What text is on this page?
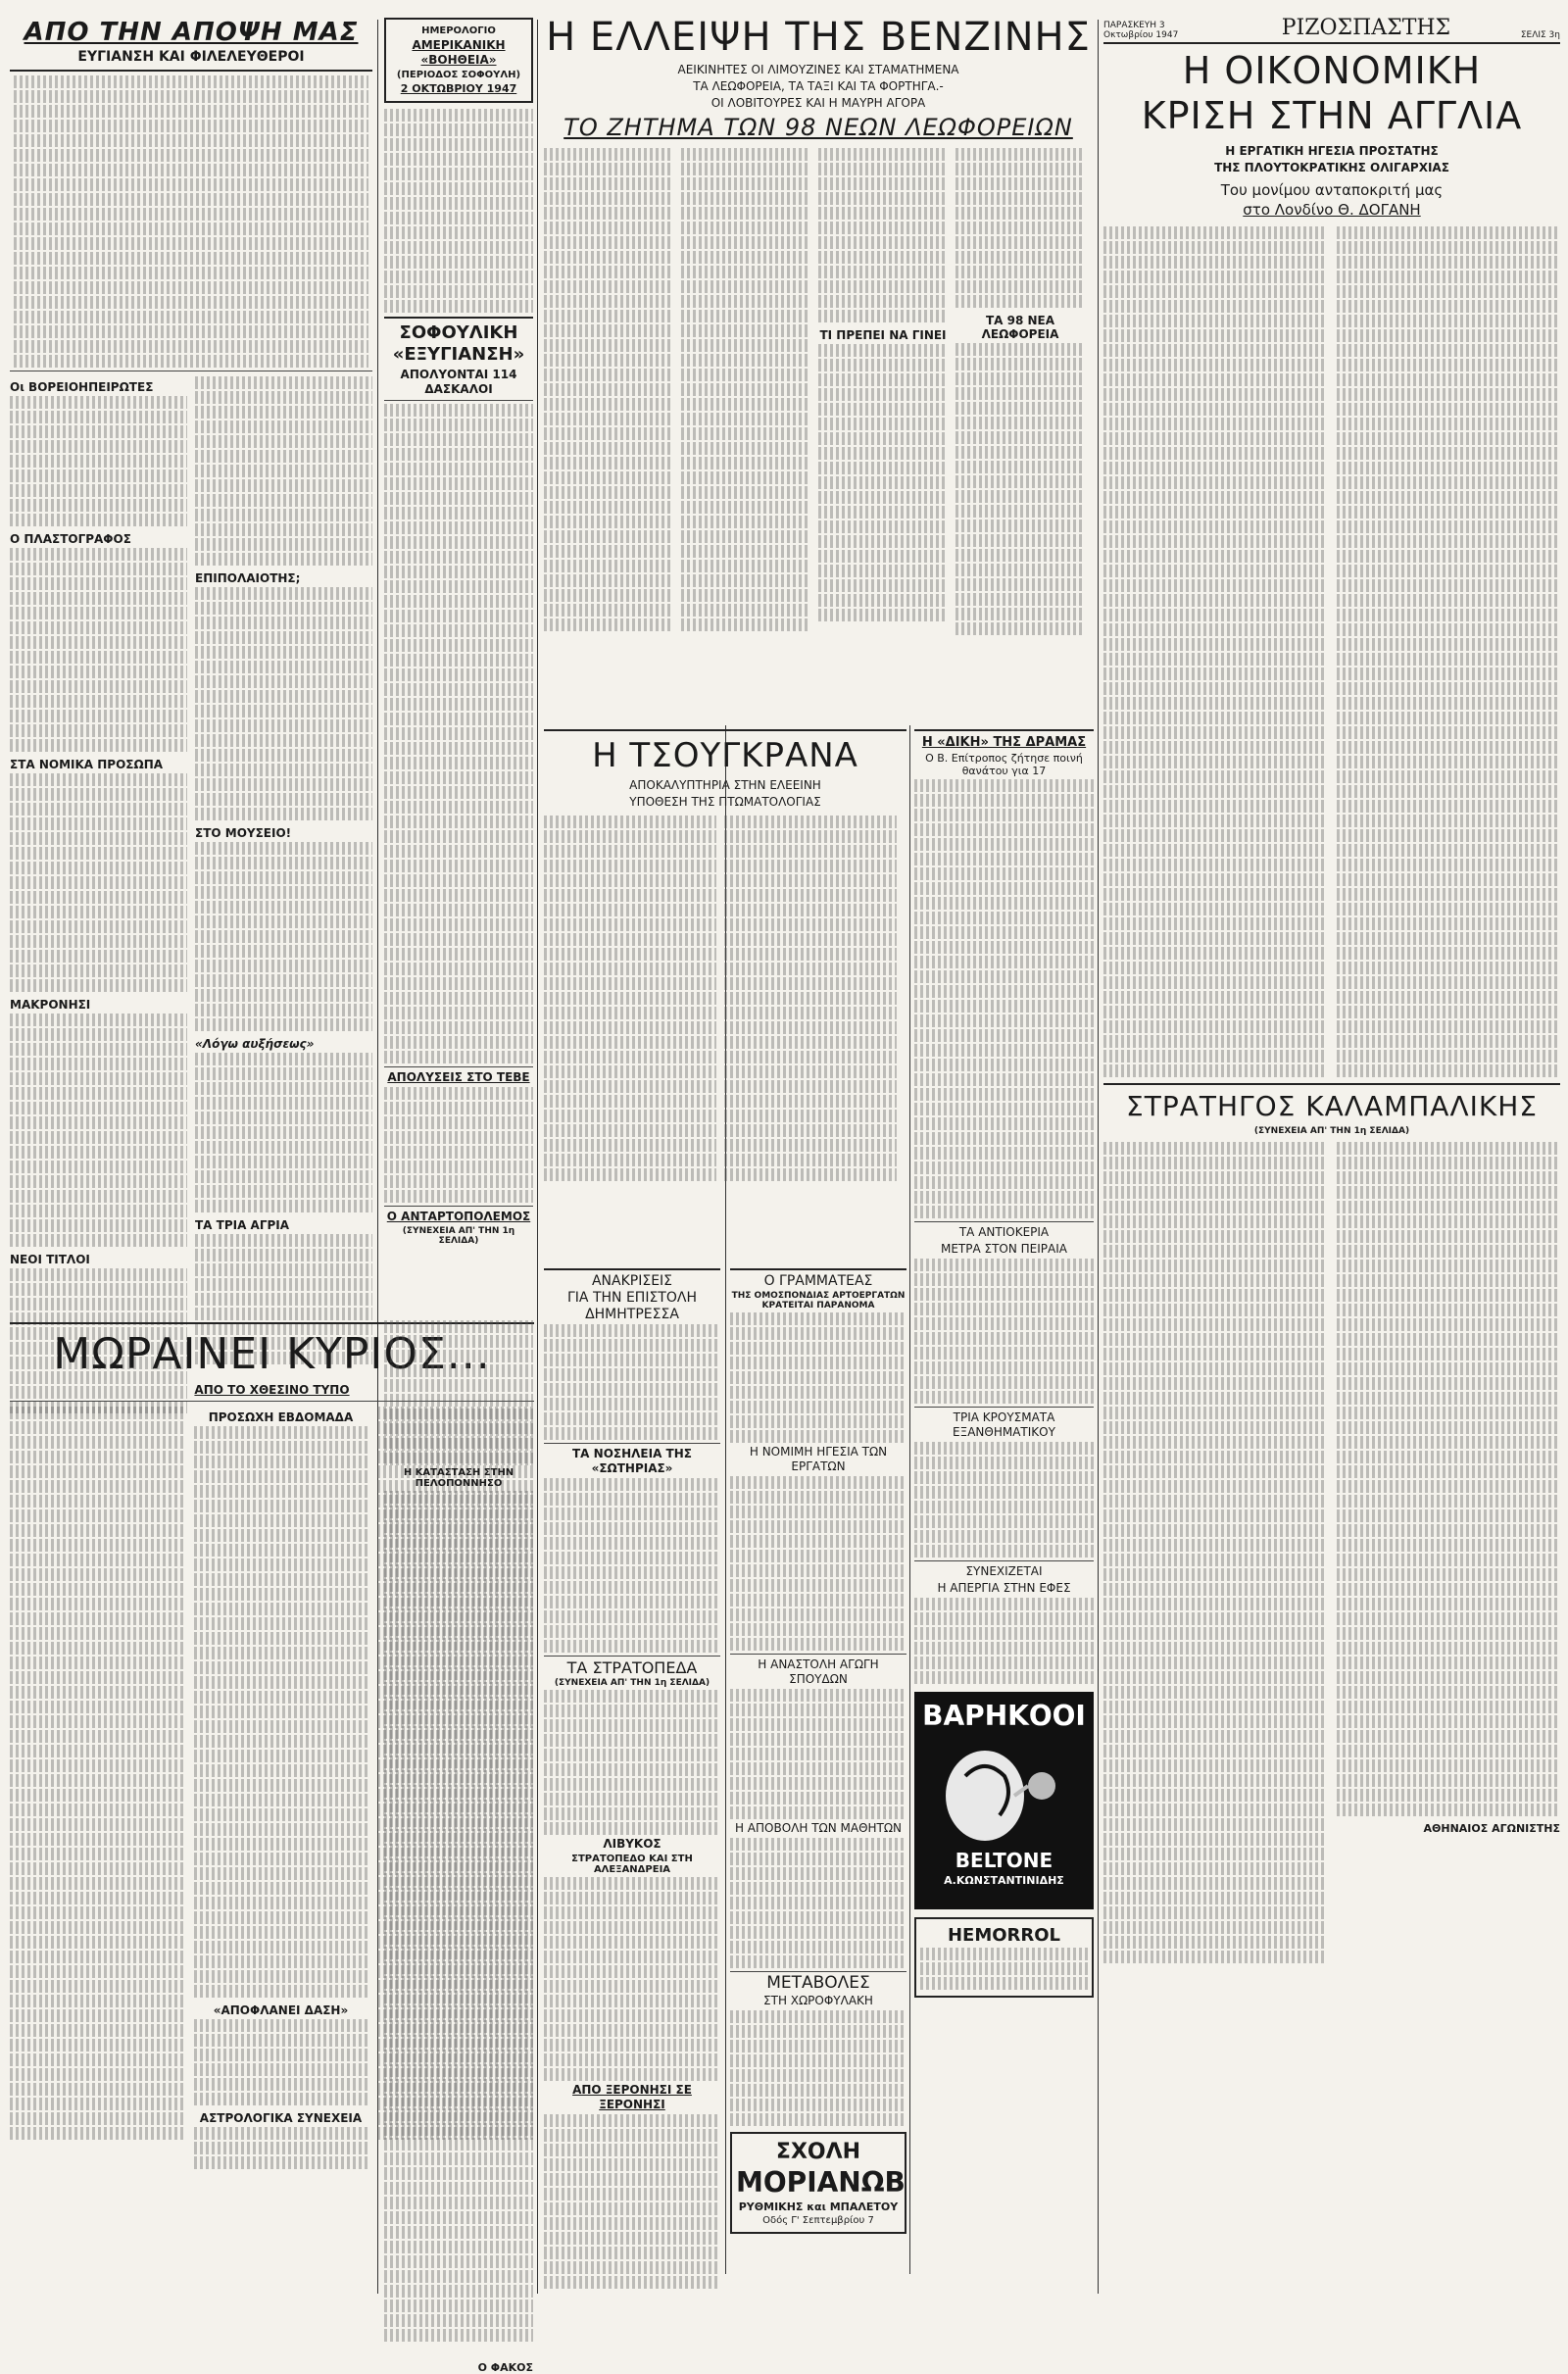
ΑΠΟ ΤΗΝ ΑΠΟΨΗ ΜΑΣ
ΕΥΓΙΑΝΣΗ ΚΑΙ ΦΙΛΕΛΕΥΘΕΡΟΙ
Οι ΒΟΡΕΙΟΗΠΕΙΡΩΤΕΣ
Ο ΠΛΑΣΤΟΓΡΑΦΟΣ
ΣΤΑ ΝΟΜΙΚΑ ΠΡΟΣΩΠΑ
ΜΑΚΡΟΝΗΣΙ
ΝΕΟΙ ΤΙΤΛΟΙ
ΕΠΙΠΟΛΑΙΟΤΗΣ;
ΣΤΟ ΜΟΥΣΕΙΟ!
«Λόγω αυξήσεως»
ΤΑ ΤΡΙΑ ΑΓΡΙΑ
ΜΩΡΑΙΝΕΙ ΚΥΡΙΟΣ...
ΑΠΟ ΤΟ ΧΘΕΣΙΝΟ ΤΥΠΟ
ΠΡΟΣΩΧΗ ΕΒΔΟΜΑΔΑ
«ΑΠΟΦΛΑΝΕΙ ΔΑΣΗ»
ΑΣΤΡΟΛΟΓΙΚΑ ΣΥΝΕΧΕΙΑ
ΗΜΕΡΟΛΟΓΙΟ
ΑΜΕΡΙΚΑΝΙΚΗ «ΒΟΗΘΕΙΑ»
(ΠΕΡΙΟΔΟΣ ΣΟΦΟΥΛΗ)
2 ΟΚΤΩΒΡΙΟΥ 1947
ΣΟΦΟΥΛΙΚΗ «ΕΞΥΓΙΑΝΣΗ»
ΑΠΟΛΥΟΝΤΑΙ 114 ΔΑΣΚΑΛΟΙ
ΑΠΟΛΥΣΕΙΣ ΣΤΟ ΤΕΒΕ
Ο ΑΝΤΑΡΤΟΠΟΛΕΜΟΣ
(ΣΥΝΕΧΕΙΑ ΑΠ' ΤΗΝ 1η ΣΕΛΙΔΑ)
Η ΚΑΤΑΣΤΑΣΗ ΣΤΗΝ ΠΕΛΟΠΟΝΝΗΣΟ
Ο ΦΑΚΟΣ
Η ΕΛΛΕΙΨΗ ΤΗΣ ΒΕΝΖΙΝΗΣ
ΑΕΙΚΙΝΗΤΕΣ ΟΙ ΛΙΜΟΥΖΙΝΕΣ ΚΑΙ ΣΤΑΜΑΤΗΜΕΝΑ
ΤΑ ΛΕΩΦΟΡΕΙΑ, ΤΑ ΤΑΞΙ ΚΑΙ ΤΑ ΦΟΡΤΗΓΑ.-
ΟΙ ΛΟΒΙΤΟΥΡΕΣ ΚΑΙ Η ΜΑΥΡΗ ΑΓΟΡΑ
ΤΟ ΖΗΤΗΜΑ ΤΩΝ 98 ΝΕΩΝ ΛΕΩΦΟΡΕΙΩΝ
ΤΙ ΠΡΕΠΕΙ ΝΑ ΓΙΝΕΙ
ΤΑ 98 ΝΕΑ ΛΕΩΦΟΡΕΙΑ
Η ΤΣΟΥΓΚΡΑΝΑ
ΑΠΟΚΑΛΥΠΤΗΡΙΑ ΣΤΗΝ ΕΛΕΕΙΝΗ
ΥΠΟΘΕΣΗ ΤΗΣ ΠΤΩΜΑΤΟΛΟΓΙΑΣ
ΑΝΑΚΡΙΣΕΙΣ
ΓΙΑ ΤΗΝ ΕΠΙΣΤΟΛΗ
ΔΗΜΗΤΡΕΣΣΑ
ΤΑ ΝΟΣΗΛΕΙΑ ΤΗΣ «ΣΩΤΗΡΙΑΣ»
ΤΑ ΣΤΡΑΤΟΠΕΔΑ
(ΣΥΝΕΧΕΙΑ ΑΠ' ΤΗΝ 1η ΣΕΛΙΔΑ)
ΛΙΒΥΚΟΣ
ΣΤΡΑΤΟΠΕΔΟ ΚΑΙ ΣΤΗ ΑΛΕΞΑΝΔΡΕΙΑ
ΑΠΟ ΞΕΡΟΝΗΣΙ ΣΕ ΞΕΡΟΝΗΣΙ
Ο ΓΡΑΜΜΑΤΕΑΣ
ΤΗΣ ΟΜΟΣΠΟΝΔΙΑΣ ΑΡΤΟΕΡΓΑΤΩΝ ΚΡΑΤΕΙΤΑΙ ΠΑΡΑΝΟΜΑ
Η ΝΟΜΙΜΗ ΗΓΕΣΙΑ ΤΩΝ ΕΡΓΑΤΩΝ
Η ΑΝΑΣΤΟΛΗ ΑΓΩΓΗ ΣΠΟΥΔΩΝ
Η ΑΠΟΒΟΛΗ ΤΩΝ ΜΑΘΗΤΩΝ
ΜΕΤΑΒΟΛΕΣ
ΣΤΗ ΧΩΡΟΦΥΛΑΚΗ
ΣΧΟΛΗ
ΜΟΡΙΑΝΩΒ
ΡΥΘΜΙΚΗΣ και ΜΠΑΛΕΤΟΥ
Οδός Γ' Σεπτεμβρίου 7
Η «ΔΙΚΗ» ΤΗΣ ΔΡΑΜΑΣ
Ο Β. Επίτροπος ζήτησε ποινή θανάτου για 17
ΤΑ ΑΝΤΙΟΚΕΡΙΑ
ΜΕΤΡΑ ΣΤΟΝ ΠΕΙΡΑΙΑ
ΤΡΙΑ ΚΡΟΥΣΜΑΤΑ ΕΞΑΝΘΗΜΑΤΙΚΟΥ
ΣΥΝΕΧΙΖΕΤΑΙ
Η ΑΠΕΡΓΙΑ ΣΤΗΝ ΕΦΕΣ
ΒΑΡΗΚΟΟΙ
BELTONE
Α.ΚΩΝΣΤΑΝΤΙΝΙΔΗΣ
HEMORROL
ΠΑΡΑΣΚΕΥΗ 3 Οκτωβρίου 1947	ΡΙΖΟΣΠΑΣΤΗΣ	ΣΕΛΙΣ 3η
Η ΟΙΚΟΝΟΜΙΚΗ
ΚΡΙΣΗ ΣΤΗΝ ΑΓΓΛΙΑ
Η ΕΡΓΑΤΙΚΗ ΗΓΕΣΙΑ ΠΡΟΣΤΑΤΗΣ
ΤΗΣ ΠΛΟΥΤΟΚΡΑΤΙΚΗΣ ΟΛΙΓΑΡΧΙΑΣ
Του μονίμου ανταποκριτή μας
στο Λονδίνο Θ. ΔΟΓΑΝΗ
ΣΤΡΑΤΗΓΟΣ ΚΑΛΑΜΠΑΛΙΚΗΣ
(ΣΥΝΕΧΕΙΑ ΑΠ' ΤΗΝ 1η ΣΕΛΙΔΑ)
ΑΘΗΝΑΙΟΣ ΑΓΩΝΙΣΤΗΣ
